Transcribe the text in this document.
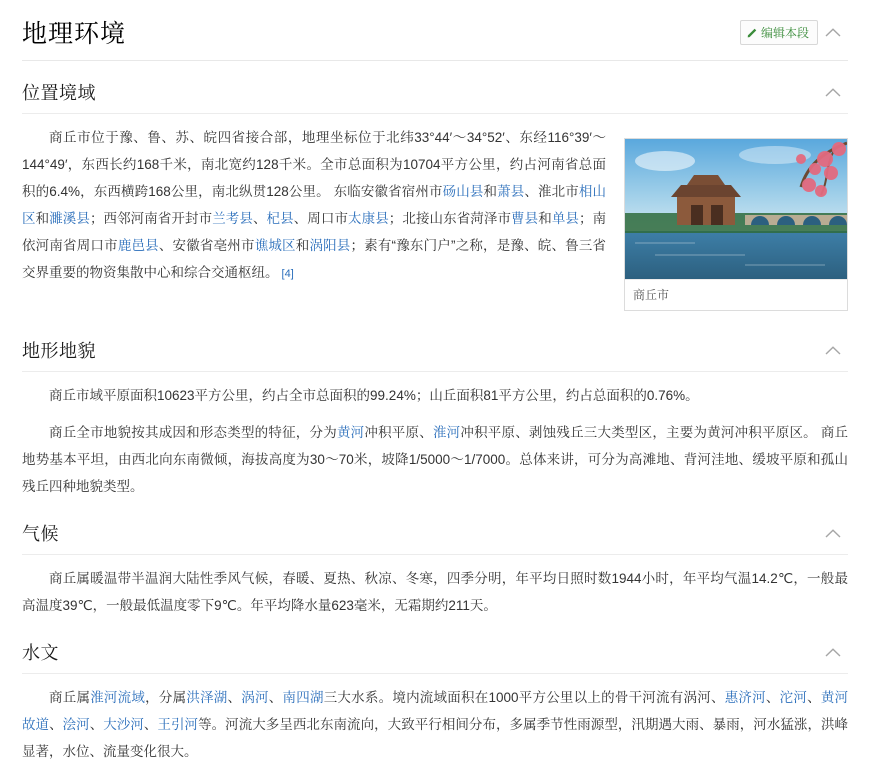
地理环境	编辑本段
位置境域
商丘市

商丘市位于豫、鲁、苏、皖四省接合部，地理坐标位于北纬33°44′～34°52′、东经116°39′～144°49′，东西长约168千米，南北宽约128千米。全市总面积为10704平方公里，约占河南省总面积的6.4%，东西横跨168公里，南北纵贯128公里。 东临安徽省宿州市砀山县和萧县、淮北市相山区和濉溪县；西邻河南省开封市兰考县、杞县、周口市太康县；北接山东省菏泽市曹县和单县；南依河南省周口市鹿邑县、安徽省亳州市谯城区和涡阳县；素有“豫东门户”之称，是豫、皖、鲁三省交界重要的物资集散中心和综合交通枢纽。 [4]

地形地貌

商丘市域平原面积10623平方公里，约占全市总面积的99.24%；山丘面积81平方公里，约占总面积的0.76%。

商丘全市地貌按其成因和形态类型的特征，分为黄河冲积平原、淮河冲积平原、剥蚀残丘三大类型区，主要为黄河冲积平原区。 商丘地势基本平坦，由西北向东南微倾，海拔高度为30～70米，坡降1/5000～1/7000。总体来讲，可分为高滩地、背河洼地、缓坡平原和孤山残丘四种地貌类型。

气候

商丘属暖温带半温润大陆性季风气候，春暖、夏热、秋凉、冬寒，四季分明，年平均日照时数1944小时，年平均气温14.2℃，一般最高温度39℃，一般最低温度零下9℃。年平均降水量623毫米，无霜期约211天。

水文

商丘属淮河流域，分属洪泽湖、涡河、南四湖三大水系。境内流域面积在1000平方公里以上的骨干河流有涡河、惠济河、沱河、黄河故道、浍河、大沙河、王引河等。河流大多呈西北东南流向，大致平行相间分布，多属季节性雨源型，汛期遇大雨、暴雨，河水猛涨，洪峰显著，水位、流量变化很大。
